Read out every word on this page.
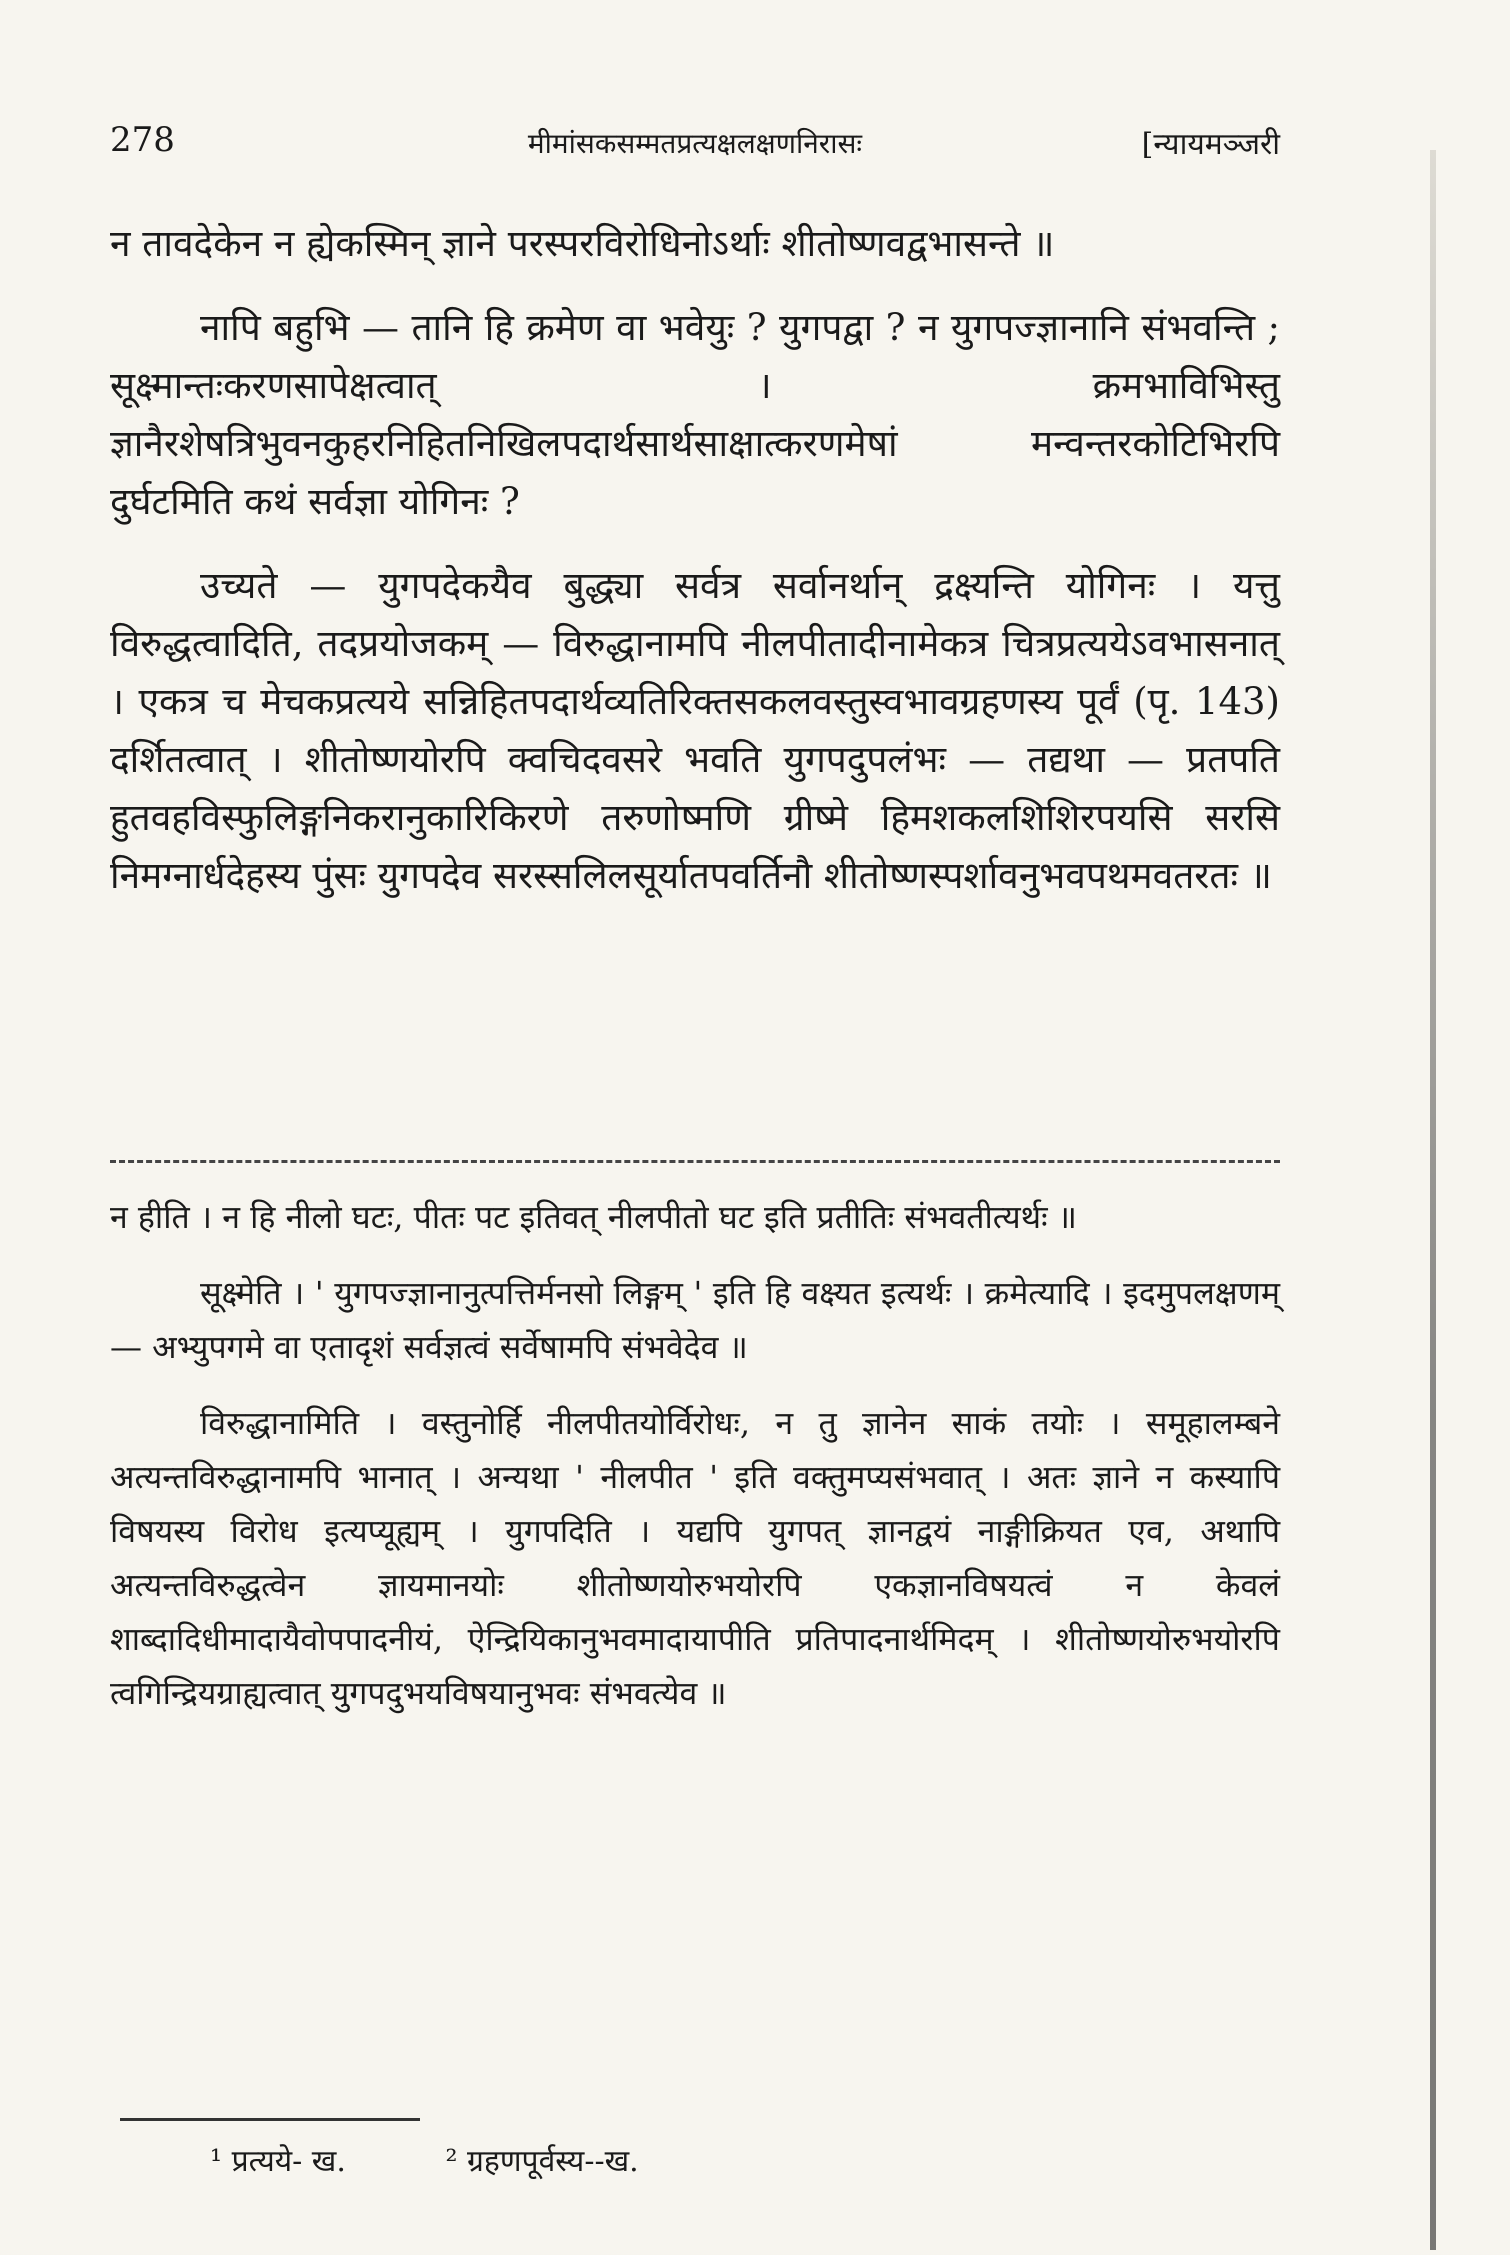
278	मीमांसकसम्मतप्रत्यक्षलक्षणनिरासः	[न्यायमञ्जरी

न तावदेकेन न ह्येकस्मिन् ज्ञाने परस्परविरोधिनोऽर्थाः शीतोष्णवद्वभासन्ते ॥

नापि बहुभि — तानि हि क्रमेण वा भवेयुः ? युगपद्वा ? न युगपज्ज्ञानानि संभवन्ति ; सूक्ष्मान्तःकरणसापेक्षत्वात् । क्रमभाविभिस्तु ज्ञानैरशेषत्रिभुवनकुहरनिहितनिखिलपदार्थसार्थसाक्षात्करणमेषां मन्वन्तरकोटिभिरपि दुर्घटमिति कथं सर्वज्ञा योगिनः ?

उच्यते — युगपदेकयैव बुद्ध्या सर्वत्र सर्वानर्थान् द्रक्ष्यन्ति योगिनः । यत्तु विरुद्धत्वादिति, तदप्रयोजकम् — विरुद्धानामपि नीलपीतादीनामेकत्र चित्रप्रत्ययेऽवभासनात् । एकत्र च मेचकप्रत्यये सन्निहितपदार्थव्यतिरिक्तसकलवस्तुस्वभावग्रहणस्य पूर्वं (पृ. 143) दर्शितत्वात् । शीतोष्णयोरपि क्वचिदवसरे भवति युगपदुपलंभः — तद्यथा — प्रतपति हुतवहविस्फुलिङ्गनिकरानुकारिकिरणे तरुणोष्मणि ग्रीष्मे हिमशकलशिशिरपयसि सरसि निमग्नार्धदेहस्य पुंसः युगपदेव सरस्सलिलसूर्यातपवर्तिनौ शीतोष्णस्पर्शावनुभवपथमवतरतः ॥

न हीति । न हि नीलो घटः, पीतः पट इतिवत् नीलपीतो घट इति प्रतीतिः संभवतीत्यर्थः ॥

सूक्ष्मेति । ' युगपज्ज्ञानानुत्पत्तिर्मनसो लिङ्गम् ' इति हि वक्ष्यत इत्यर्थः । क्रमेत्यादि । इदमुपलक्षणम् — अभ्युपगमे वा एतादृशं सर्वज्ञत्वं सर्वेषामपि संभवेदेव ॥

विरुद्धानामिति । वस्तुनोर्हि नीलपीतयोर्विरोधः, न तु ज्ञानेन साकं तयोः । समूहालम्बने अत्यन्तविरुद्धानामपि भानात् । अन्यथा ' नीलपीत ' इति वक्तुमप्यसंभवात् । अतः ज्ञाने न कस्यापि विषयस्य विरोध इत्यप्यूह्यम् । युगपदिति । यद्यपि युगपत् ज्ञानद्वयं नाङ्गीक्रियत एव, अथापि अत्यन्तविरुद्धत्वेन ज्ञायमानयोः शीतोष्णयोरुभयोरपि एकज्ञानविषयत्वं न केवलं शाब्दादिधीमादायैवोपपादनीयं, ऐन्द्रियिकानुभवमादायापीति प्रतिपादनार्थमिदम् । शीतोष्णयोरुभयोरपि त्वगिन्द्रियग्राह्यत्वात् युगपदुभयविषयानुभवः संभवत्येव ॥

¹ प्रत्यये- ख.	² ग्रहणपूर्वस्य--ख.
